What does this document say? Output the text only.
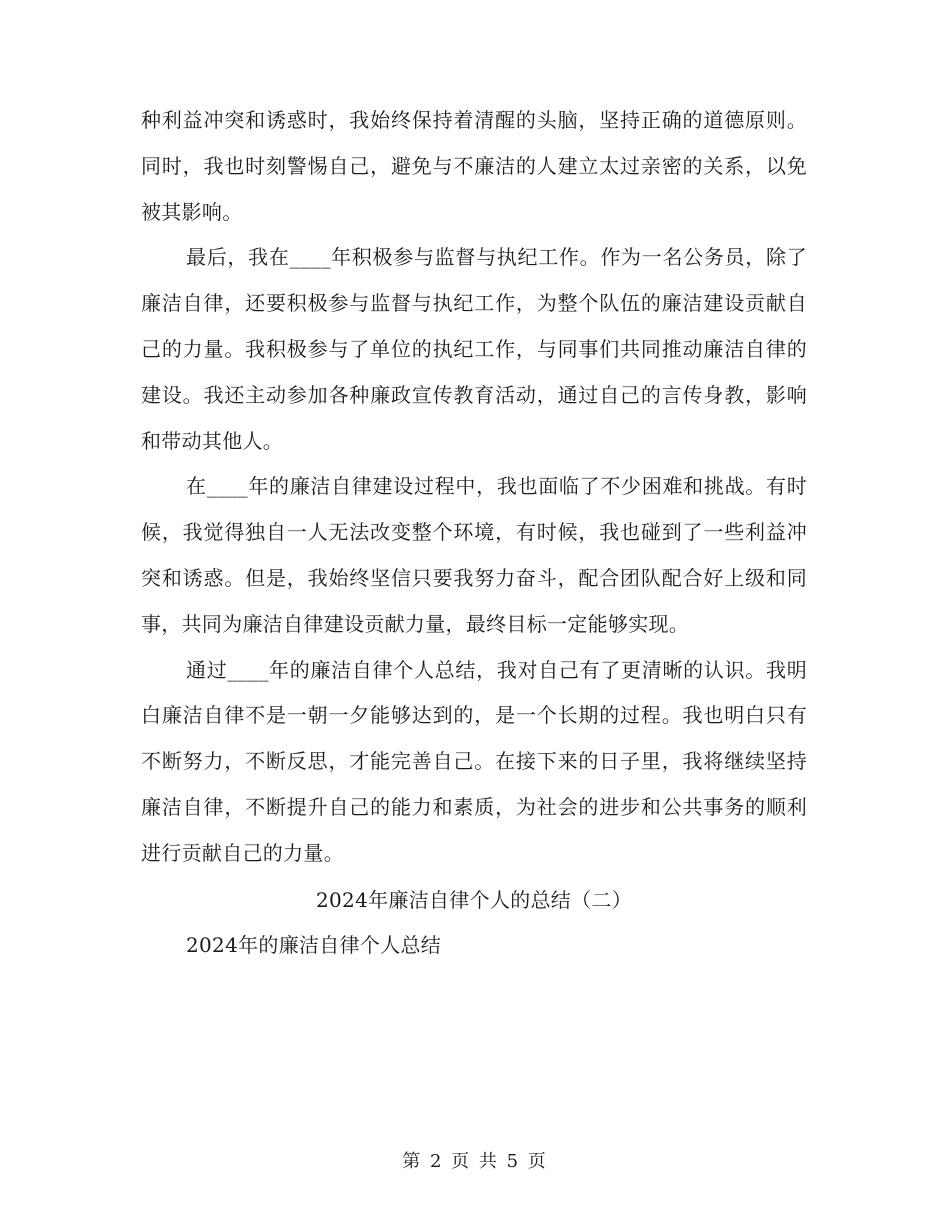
种利益冲突和诱惑时，我始终保持着清醒的头脑，坚持正确的道德原则。同时，我也时刻警惕自己，避免与不廉洁的人建立太过亲密的关系，以免被其影响。

最后，我在____年积极参与监督与执纪工作。作为一名公务员，除了廉洁自律，还要积极参与监督与执纪工作，为整个队伍的廉洁建设贡献自己的力量。我积极参与了单位的执纪工作，与同事们共同推动廉洁自律的建设。我还主动参加各种廉政宣传教育活动，通过自己的言传身教，影响和带动其他人。

在____年的廉洁自律建设过程中，我也面临了不少困难和挑战。有时候，我觉得独自一人无法改变整个环境，有时候，我也碰到了一些利益冲突和诱惑。但是，我始终坚信只要我努力奋斗，配合团队配合好上级和同事，共同为廉洁自律建设贡献力量，最终目标一定能够实现。

通过____年的廉洁自律个人总结，我对自己有了更清晰的认识。我明白廉洁自律不是一朝一夕能够达到的，是一个长期的过程。我也明白只有不断努力，不断反思，才能完善自己。在接下来的日子里，我将继续坚持廉洁自律，不断提升自己的能力和素质，为社会的进步和公共事务的顺利进行贡献自己的力量。

2024年廉洁自律个人的总结（二）

2024年的廉洁自律个人总结

第 2 页 共 5 页
